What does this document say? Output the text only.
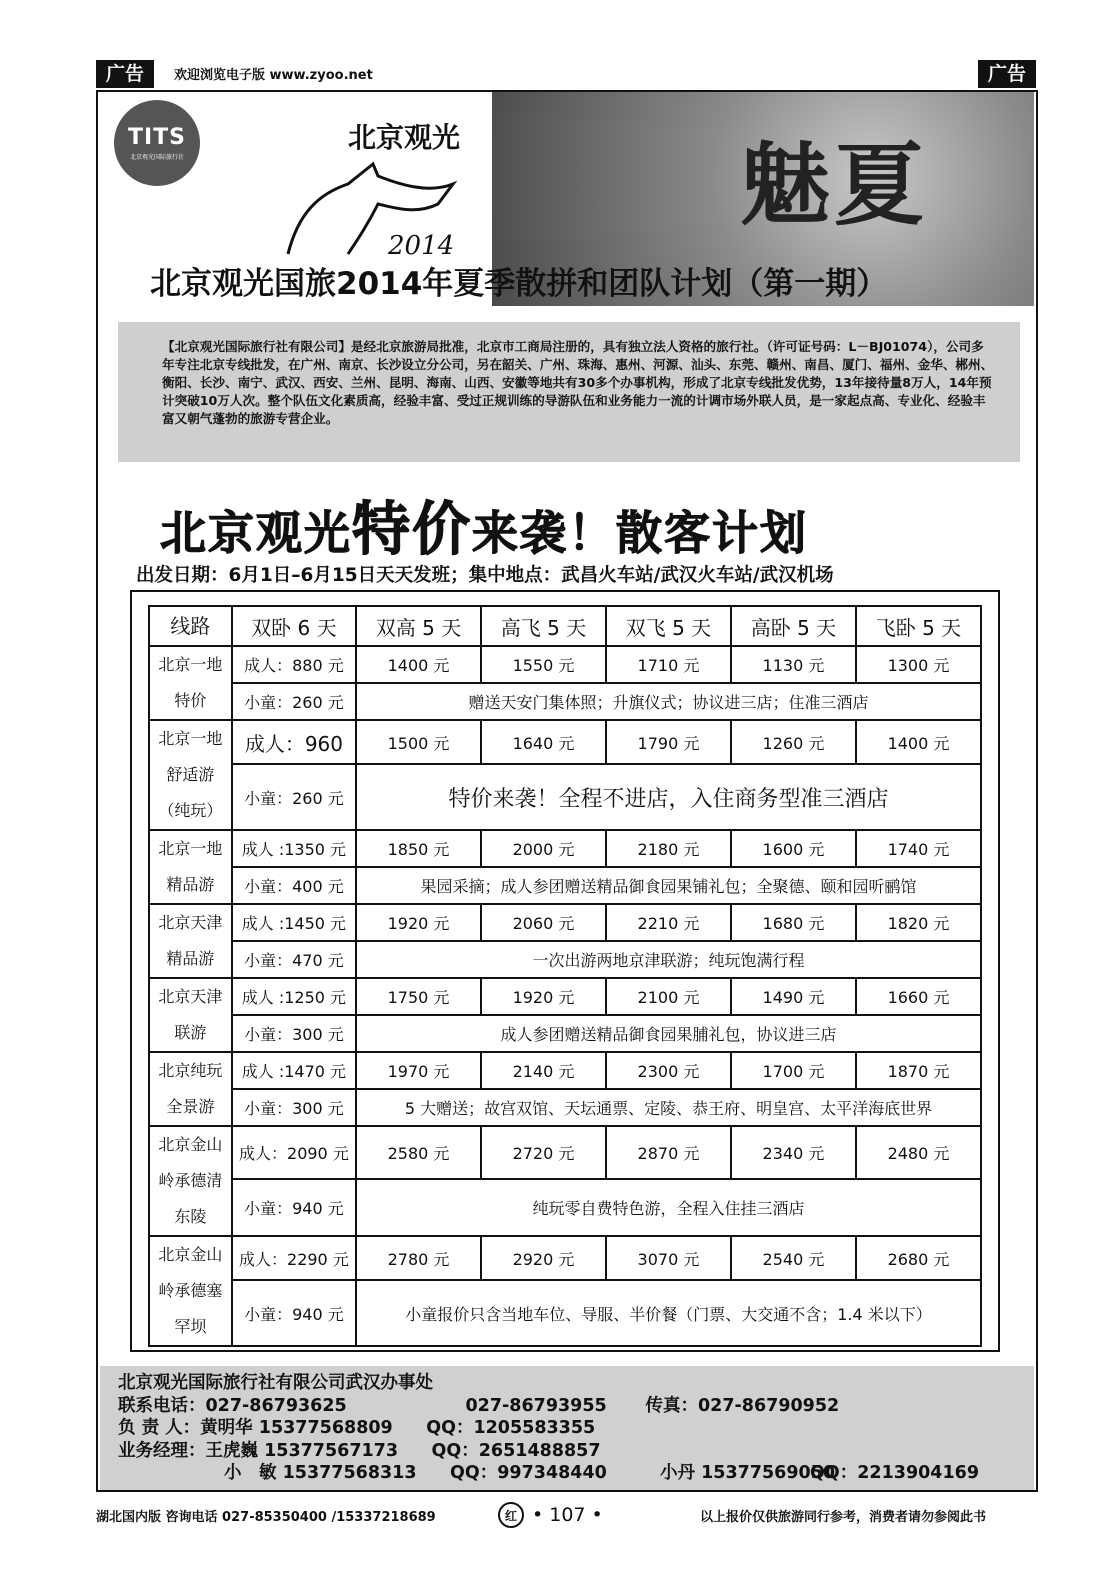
广告	欢迎浏览电子版 www.zyoo.net	广告
TITS
北京观光国际旅行社
北京观光
2014
魅夏
北京观光国旅2014年夏季散拼和团队计划（第一期）
【北京观光国际旅行社有限公司】是经北京旅游局批准，北京市工商局注册的，具有独立法人资格的旅行社。（许可证号码：L－BJ01074），公司多年专注北京专线批发，在广州、南京、长沙设立分公司，另在韶关、广州、珠海、惠州、河源、汕头、东莞、赣州、南昌、厦门、福州、金华、郴州、衡阳、长沙、南宁、武汉、西安、兰州、昆明、海南、山西、安徽等地共有30多个办事机构，形成了北京专线批发优势，13年接待量8万人，14年预计突破10万人次。整个队伍文化素质高，经验丰富、受过正规训练的导游队伍和业务能力一流的计调市场外联人员，是一家起点高、专业化、经验丰富又朝气蓬勃的旅游专营企业。
北京观光特价来袭！散客计划
出发日期：6月1日–6月15日天天发班；集中地点：武昌火车站/武汉火车站/武汉机场
线路	双卧 6 天	双高 5 天	高飞 5 天	双飞 5 天	高卧 5 天	飞卧 5 天
北京一地
特价	成人：880 元	1400 元	1550 元	1710 元	1130 元	1300 元
	小童：260 元	赠送天安门集体照；升旗仪式；协议进三店；住准三酒店				
北京一地
舒适游
（纯玩）	成人：960	1500 元	1640 元	1790 元	1260 元	1400 元
	小童：260 元	特价来袭！全程不进店，入住商务型准三酒店				
北京一地
精品游	成人 :1350 元	1850 元	2000 元	2180 元	1600 元	1740 元
	小童：400 元	果园采摘；成人参团赠送精品御食园果铺礼包；全聚德、颐和园听鹂馆				
北京天津
精品游	成人 :1450 元	1920 元	2060 元	2210 元	1680 元	1820 元
	小童：470 元	一次出游两地京津联游；纯玩饱满行程				
北京天津
联游	成人 :1250 元	1750 元	1920 元	2100 元	1490 元	1660 元
	小童：300 元	成人参团赠送精品御食园果脯礼包，协议进三店				
北京纯玩
全景游	成人 :1470 元	1970 元	2140 元	2300 元	1700 元	1870 元
	小童：300 元	5 大赠送；故宫双馆、天坛通票、定陵、恭王府、明皇宫、太平洋海底世界				
北京金山
岭承德清
东陵	成人：2090 元	2580 元	2720 元	2870 元	2340 元	2480 元
	小童：940 元	纯玩零自费特色游，全程入住挂三酒店				
北京金山
岭承德塞
罕坝	成人：2290 元	2780 元	2920 元	3070 元	2540 元	2680 元
	小童：940 元	小童报价只含当地车位、导服、半价餐（门票、大交通不含；1.4 米以下）				
北京观光国际旅行社有限公司武汉办事处
联系电话：027-86793625	027-86793955 传真：027-86790952
负 责 人：黄明华 15377568809 QQ：1205583355
业务经理：王虎巍 15377567173 QQ：2651488857
小　敏 15377568313 QQ：997348440	小丹 15377569050QQ：2213904169
湖北国内版 咨询电话 027-85350400 /15337218689	红 • 107 •	以上报价仅供旅游同行参考，消费者请勿参阅此书
